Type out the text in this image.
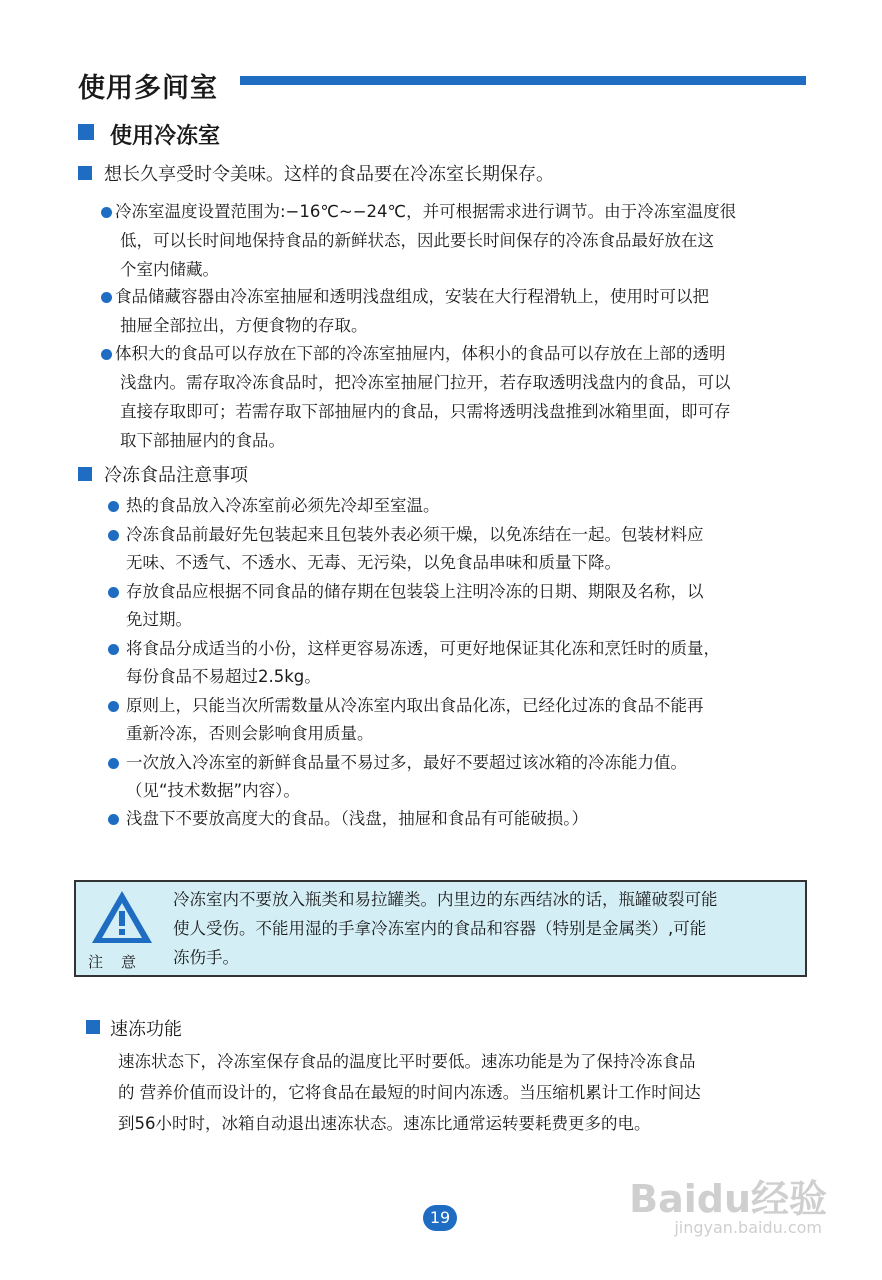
使用多间室
使用冷冻室
想长久享受时令美味。这样的食品要在冷冻室长期保存。
冷冻室温度设置范围为:−16℃~−24℃，并可根据需求进行调节。由于冷冻室温度很
低，可以长时间地保持食品的新鲜状态，因此要长时间保存的冷冻食品最好放在这
个室内储藏。
食品储藏容器由冷冻室抽屉和透明浅盘组成，安装在大行程滑轨上，使用时可以把
抽屉全部拉出，方便食物的存取。
体积大的食品可以存放在下部的冷冻室抽屉内，体积小的食品可以存放在上部的透明
浅盘内。需存取冷冻食品时，把冷冻室抽屉门拉开，若存取透明浅盘内的食品，可以
直接存取即可；若需存取下部抽屉内的食品，只需将透明浅盘推到冰箱里面，即可存
取下部抽屉内的食品。
冷冻食品注意事项
热的食品放入冷冻室前必须先冷却至室温。
冷冻食品前最好先包装起来且包装外表必须干燥，以免冻结在一起。包装材料应
无味、不透气、不透水、无毒、无污染，以免食品串味和质量下降。
存放食品应根据不同食品的储存期在包装袋上注明冷冻的日期、期限及名称，以
免过期。
将食品分成适当的小份，这样更容易冻透，可更好地保证其化冻和烹饪时的质量，
每份食品不易超过2.5kg。
原则上，只能当次所需数量从冷冻室内取出食品化冻，已经化过冻的食品不能再
重新冷冻，否则会影响食用质量。
一次放入冷冻室的新鲜食品量不易过多，最好不要超过该冰箱的冷冻能力值。
（见“技术数据”内容）。
浅盘下不要放高度大的食品。（浅盘，抽屉和食品有可能破损。）
注意
冷冻室内不要放入瓶类和易拉罐类。内里边的东西结冰的话，瓶罐破裂可能
使人受伤。不能用湿的手拿冷冻室内的食品和容器（特别是金属类）,可能
冻伤手。
速冻功能
速冻状态下，冷冻室保存食品的温度比平时要低。速冻功能是为了保持冷冻食品
的 营养价值而设计的，它将食品在最短的时间内冻透。当压缩机累计工作时间达
到56小时时，冰箱自动退出速冻状态。速冻比通常运转要耗费更多的电。
Baidu经验
jingyan.baidu.com
19
